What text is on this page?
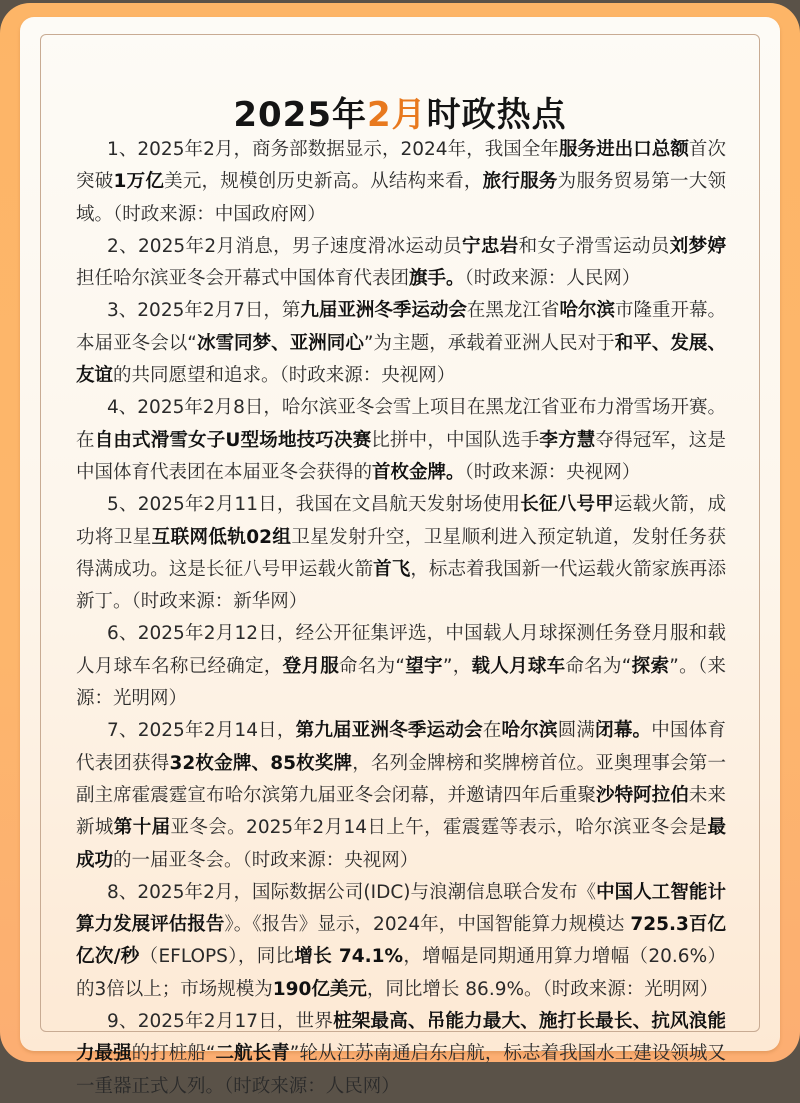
2025年2月时政热点

1、2025年2月，商务部数据显示，2024年，我国全年服务进出口总额首次突破1万亿美元，规模创历史新高。从结构来看，旅行服务为服务贸易第一大领域。（时政来源：中国政府网）

2、2025年2月消息，男子速度滑冰运动员宁忠岩和女子滑雪运动员刘梦婷担任哈尔滨亚冬会开幕式中国体育代表团旗手。（时政来源：人民网）

3、2025年2月7日，第九届亚洲冬季运动会在黑龙江省哈尔滨市隆重开幕。本届亚冬会以“冰雪同梦、亚洲同心”为主题，承载着亚洲人民对于和平、发展、友谊的共同愿望和追求。（时政来源：央视网）

4、2025年2月8日，哈尔滨亚冬会雪上项目在黑龙江省亚布力滑雪场开赛。在自由式滑雪女子U型场地技巧决赛比拼中，中国队选手李方慧夺得冠军，这是中国体育代表团在本届亚冬会获得的首枚金牌。（时政来源：央视网）

5、2025年2月11日，我国在文昌航天发射场使用长征八号甲运载火箭，成功将卫星互联网低轨02组卫星发射升空，卫星顺利进入预定轨道，发射任务获得满成功。这是长征八号甲运载火箭首飞，标志着我国新一代运载火箭家族再添新丁。（时政来源：新华网）

6、2025年2月12日，经公开征集评选，中国载人月球探测任务登月服和载人月球车名称已经确定，登月服命名为“望宇”，载人月球车命名为“探索”。（来源：光明网）

7、2025年2月14日，第九届亚洲冬季运动会在哈尔滨圆满闭幕。中国体育代表团获得32枚金牌、85枚奖牌，名列金牌榜和奖牌榜首位。亚奥理事会第一副主席霍震霆宣布哈尔滨第九届亚冬会闭幕，并邀请四年后重聚沙特阿拉伯未来新城第十届亚冬会。2025年2月14日上午，霍震霆等表示，哈尔滨亚冬会是最成功的一届亚冬会。（时政来源：央视网）

8、2025年2月，国际数据公司(IDC)与浪潮信息联合发布《中国人工智能计算力发展评估报告》。《报告》显示，2024年，中国智能算力规模达 725.3百亿亿次/秒（EFLOPS），同比增长 74.1%，增幅是同期通用算力增幅（20.6%）的3倍以上；市场规模为190亿美元，同比增长 86.9%。（时政来源：光明网）

9、2025年2月17日，世界桩架最高、吊能力最大、施打长最长、抗风浪能力最强的打桩船“二航长青”轮从江苏南通启东启航，标志着我国水工建设领城又一重器正式人列。（时政来源：人民网）
